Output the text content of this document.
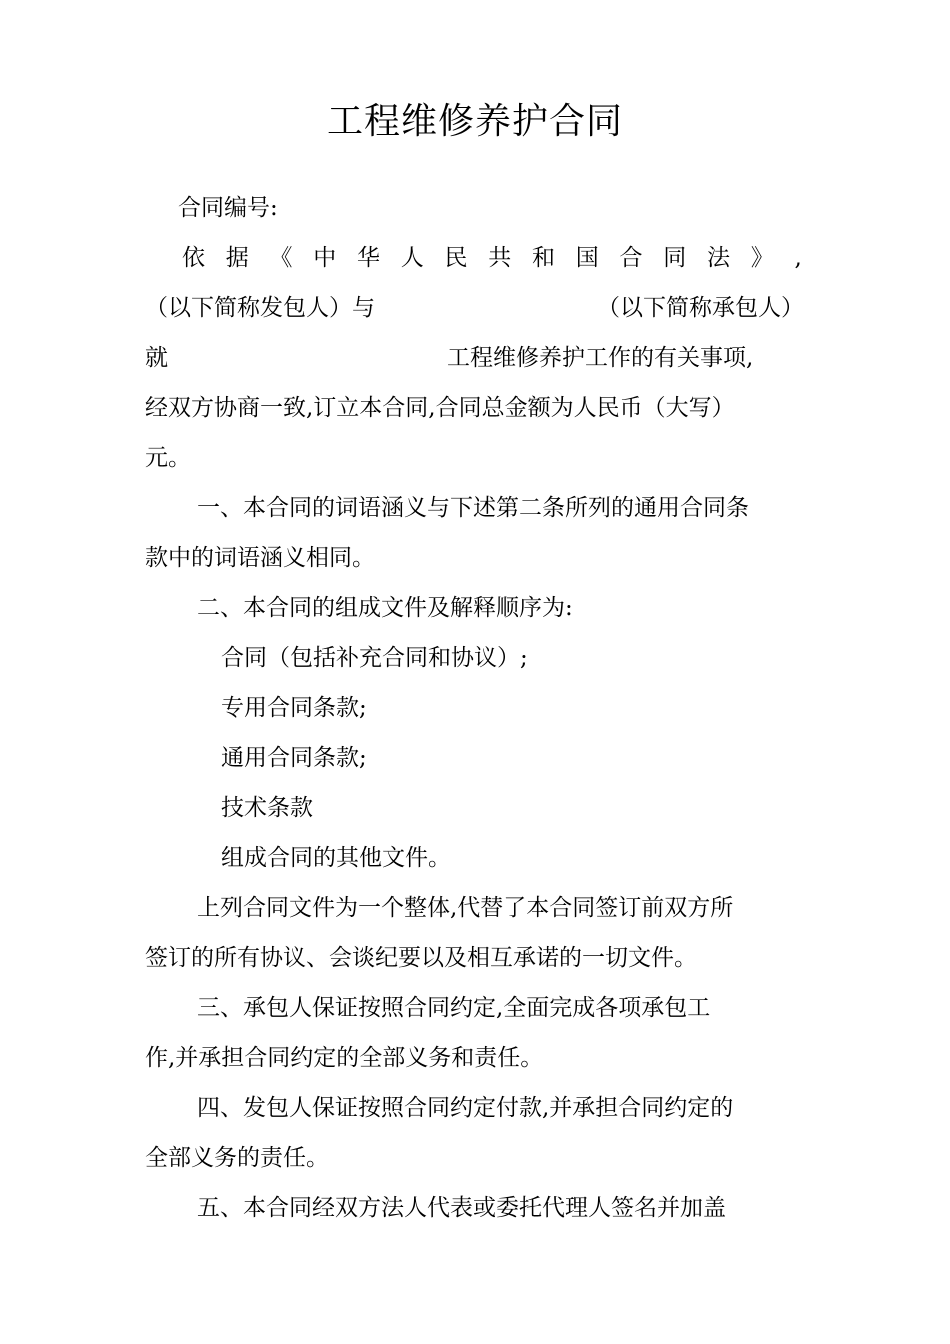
工程维修养护合同
合同编号:
依 据 《 中 华 人 民 共 和 国 合 同 法 》 ,
（以下简称发包人）与	（以下简称承包人）
就	工程维修养护工作的有关事项,
经双方协商一致,订立本合同,合同总金额为人民币（大写）
元。
一、本合同的词语涵义与下述第二条所列的通用合同条
款中的词语涵义相同。
二、本合同的组成文件及解释顺序为:
合同（包括补充合同和协议）;
专用合同条款;
通用合同条款;
技术条款
组成合同的其他文件。
上列合同文件为一个整体,代替了本合同签订前双方所
签订的所有协议、会谈纪要以及相互承诺的一切文件。
三、承包人保证按照合同约定,全面完成各项承包工
作,并承担合同约定的全部义务和责任。
四、发包人保证按照合同约定付款,并承担合同约定的
全部义务的责任。
五、本合同经双方法人代表或委托代理人签名并加盖
